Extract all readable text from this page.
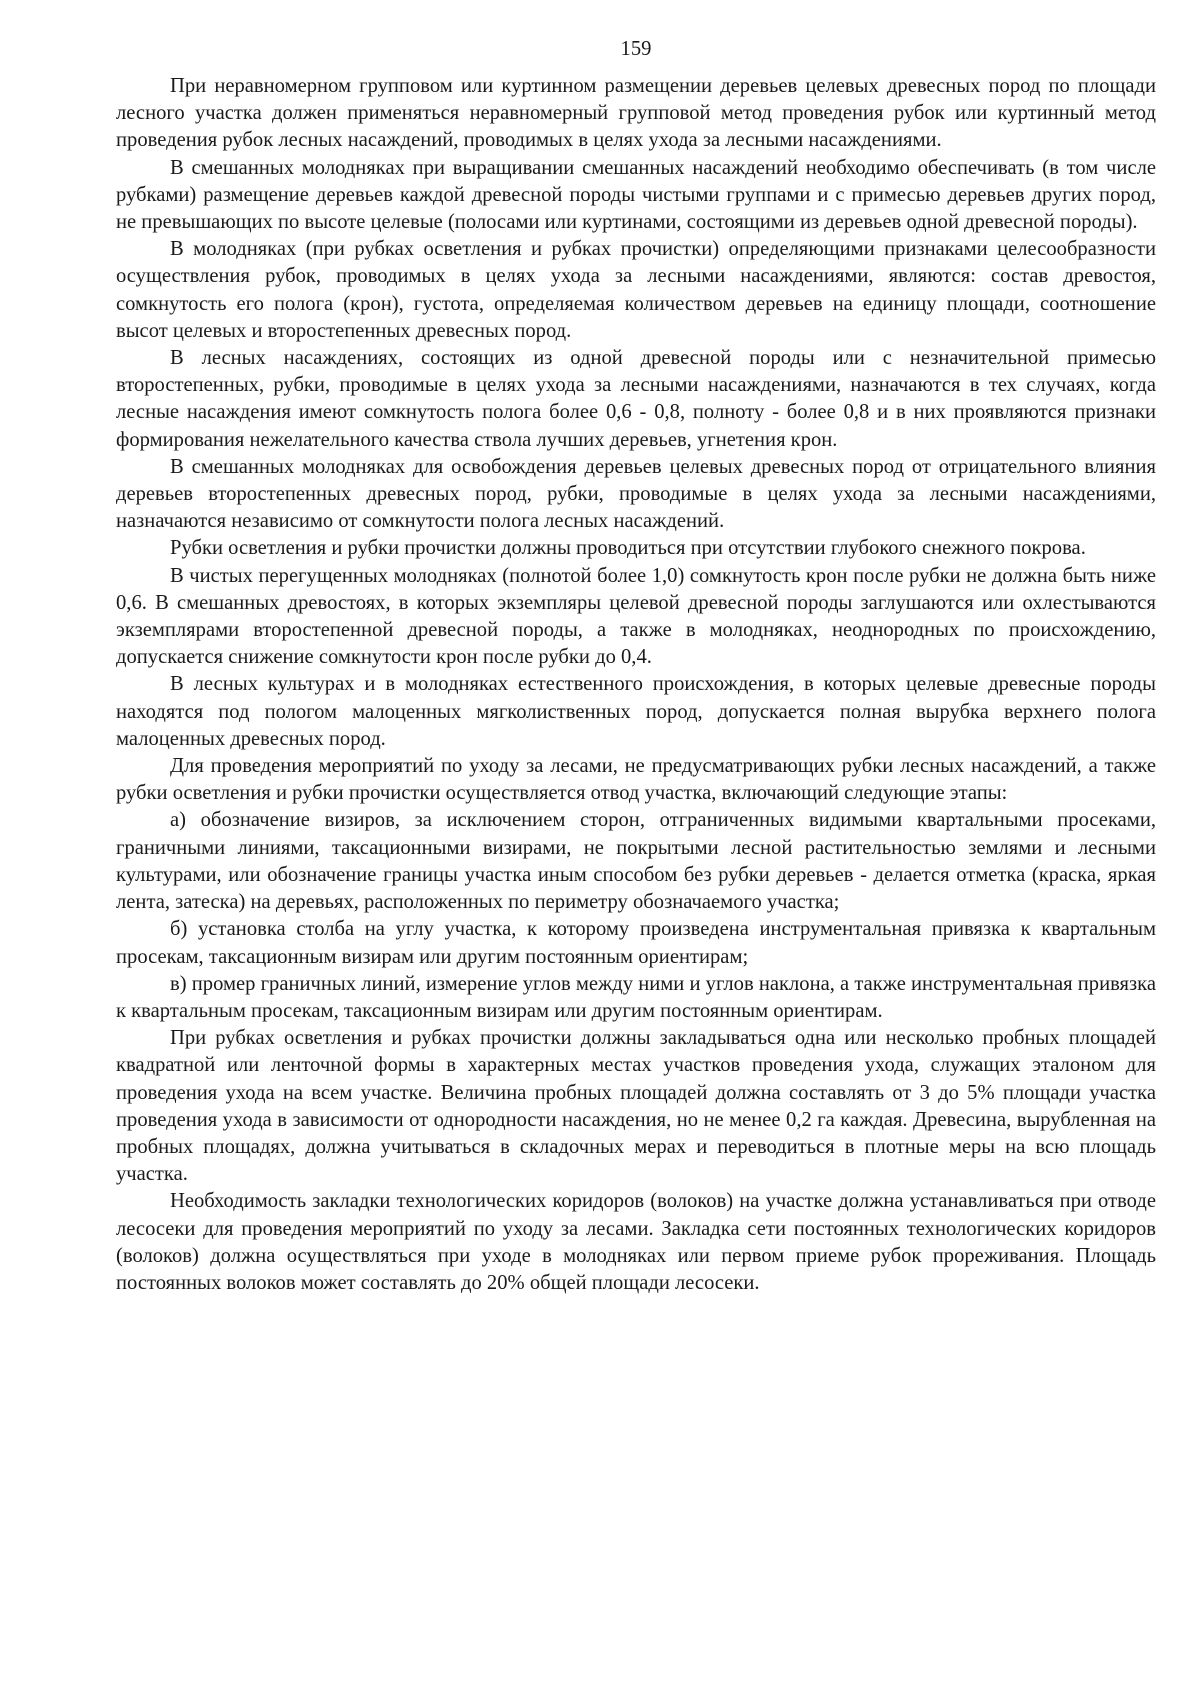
159

При неравномерном групповом или куртинном размещении деревьев целевых древесных пород по площади лесного участка должен применяться неравномерный групповой метод проведения рубок или куртинный метод проведения рубок лесных насаждений, проводимых в целях ухода за лесными насаждениями.

В смешанных молодняках при выращивании смешанных насаждений необходимо обеспечивать (в том числе рубками) размещение деревьев каждой древесной породы чистыми группами и с примесью деревьев других пород, не превышающих по высоте целевые (полосами или куртинами, состоящими из деревьев одной древесной породы).

В молодняках (при рубках осветления и рубках прочистки) определяющими признаками целесообразности осуществления рубок, проводимых в целях ухода за лесными насаждениями, являются: состав древостоя, сомкнутость его полога (крон), густота, определяемая количеством деревьев на единицу площади, соотношение высот целевых и второстепенных древесных пород.

В лесных насаждениях, состоящих из одной древесной породы или с незначительной примесью второстепенных, рубки, проводимые в целях ухода за лесными насаждениями, назначаются в тех случаях, когда лесные насаждения имеют сомкнутость полога более 0,6 - 0,8, полноту - более 0,8 и в них проявляются признаки формирования нежелательного качества ствола лучших деревьев, угнетения крон.

В смешанных молодняках для освобождения деревьев целевых древесных пород от отрицательного влияния деревьев второстепенных древесных пород, рубки, проводимые в целях ухода за лесными насаждениями, назначаются независимо от сомкнутости полога лесных насаждений.

Рубки осветления и рубки прочистки должны проводиться при отсутствии глубокого снежного покрова.

В чистых перегущенных молодняках (полнотой более 1,0) сомкнутость крон после рубки не должна быть ниже 0,6. В смешанных древостоях, в которых экземпляры целевой древесной породы заглушаются или охлестываются экземплярами второстепенной древесной породы, а также в молодняках, неоднородных по происхождению, допускается снижение сомкнутости крон после рубки до 0,4.

В лесных культурах и в молодняках естественного происхождения, в которых целевые древесные породы находятся под пологом малоценных мягколиственных пород, допускается полная вырубка верхнего полога малоценных древесных пород.

Для проведения мероприятий по уходу за лесами, не предусматривающих рубки лесных насаждений, а также рубки осветления и рубки прочистки осуществляется отвод участка, включающий следующие этапы:

а) обозначение визиров, за исключением сторон, отграниченных видимыми квартальными просеками, граничными линиями, таксационными визирами, не покрытыми лесной растительностью землями и лесными культурами, или обозначение границы участка иным способом без рубки деревьев - делается отметка (краска, яркая лента, затеска) на деревьях, расположенных по периметру обозначаемого участка;

б) установка столба на углу участка, к которому произведена инструментальная привязка к квартальным просекам, таксационным визирам или другим постоянным ориентирам;

в) промер граничных линий, измерение углов между ними и углов наклона, а также инструментальная привязка к квартальным просекам, таксационным визирам или другим постоянным ориентирам.

При рубках осветления и рубках прочистки должны закладываться одна или несколько пробных площадей квадратной или ленточной формы в характерных местах участков проведения ухода, служащих эталоном для проведения ухода на всем участке. Величина пробных площадей должна составлять от 3 до 5% площади участка проведения ухода в зависимости от однородности насаждения, но не менее 0,2 га каждая. Древесина, вырубленная на пробных площадях, должна учитываться в складочных мерах и переводиться в плотные меры на всю площадь участка.

Необходимость закладки технологических коридоров (волоков) на участке должна устанавливаться при отводе лесосеки для проведения мероприятий по уходу за лесами. Закладка сети постоянных технологических коридоров (волоков) должна осуществляться при уходе в молодняках или первом приеме рубок прореживания. Площадь постоянных волоков может составлять до 20% общей площади лесосеки.
